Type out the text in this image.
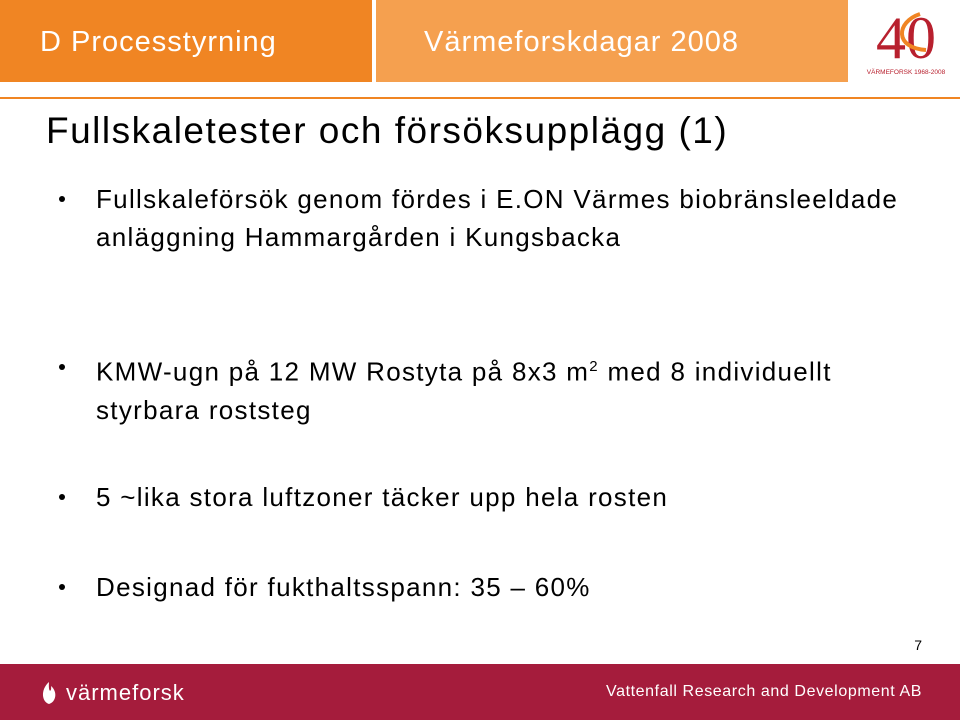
D Processtyrning	Värmeforskdagar 2008 40
VÄRMEFORSK 1968-2008
Fullskaletester och försöksupplägg (1)
Fullskaleförsök genom fördes i E.ON Värmes biobränsleeldade anläggning Hammargården i Kungsbacka
KMW-ugn på 12 MW Rostyta på 8x3 $m^2$ med 8 individuellt styrbara roststeg
5 ~lika stora luftzoner täcker upp hela rosten
Designad för fukthaltsspann: 35 – 60%
7
värmeforsk	Vattenfall Research and Development AB
